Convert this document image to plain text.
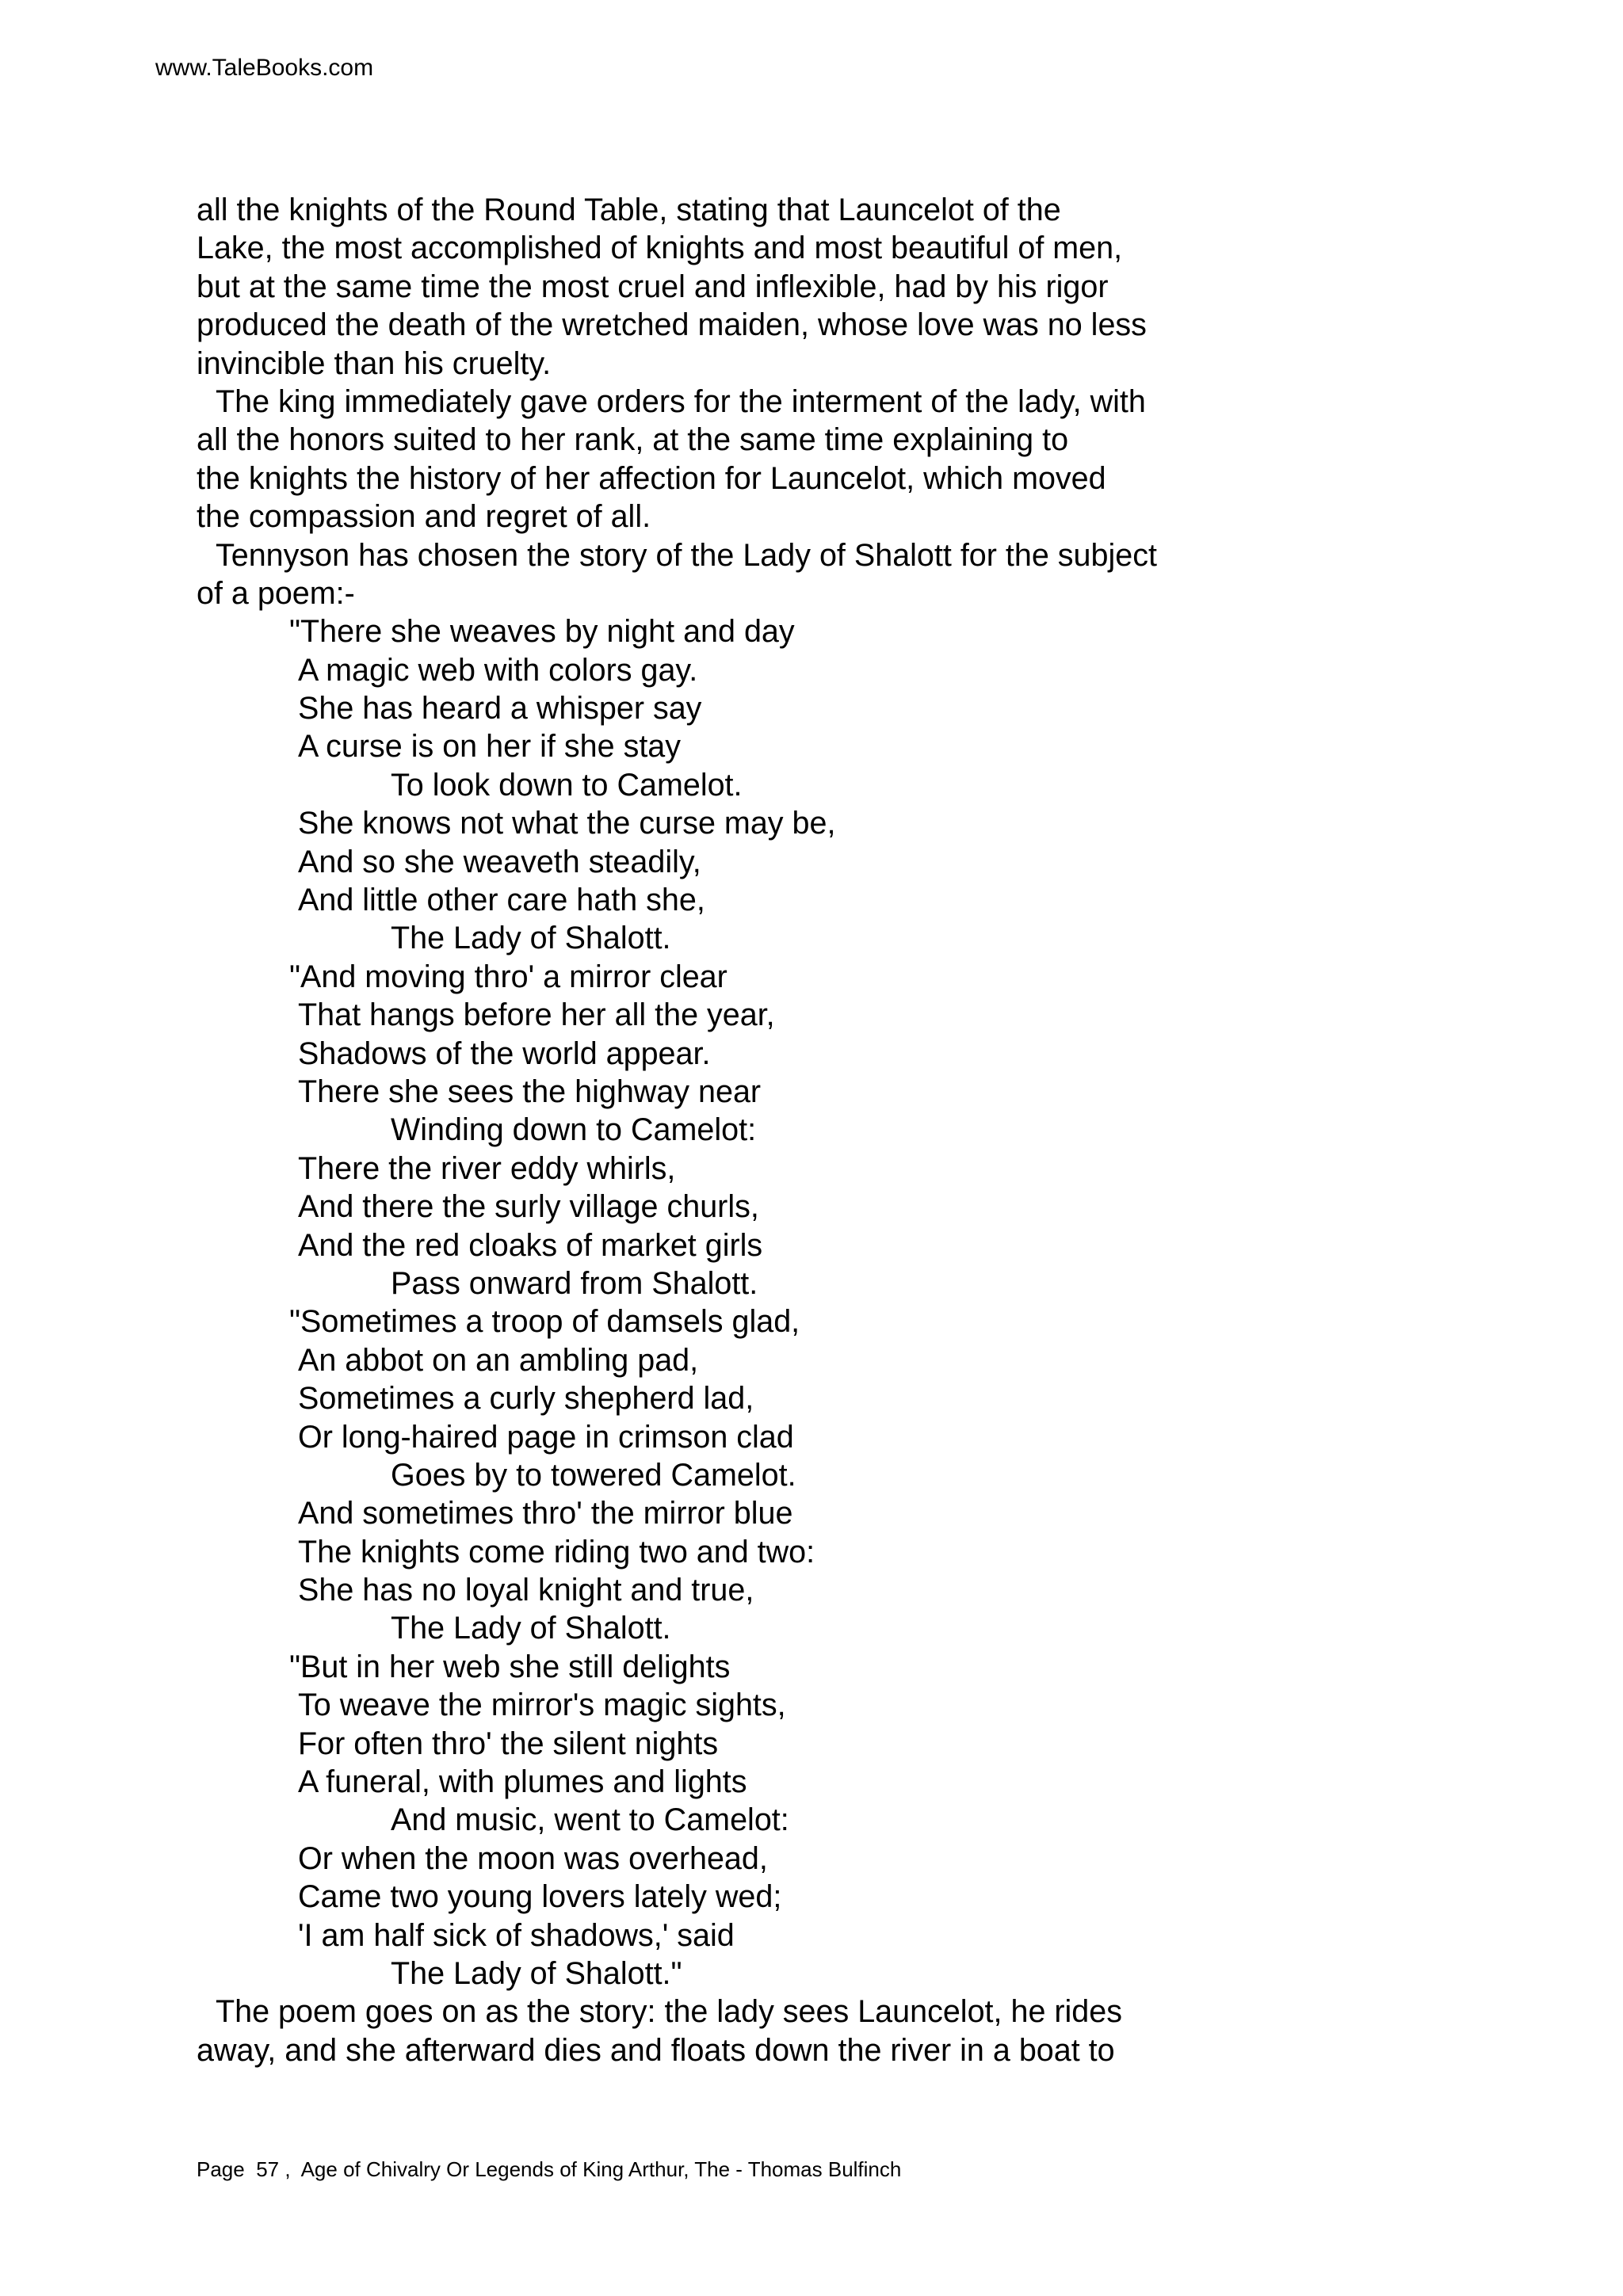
www.TaleBooks.com
all the knights of the Round Table, stating that Launcelot of the
Lake, the most accomplished of knights and most beautiful of men,
but at the same time the most cruel and inflexible, had by his rigor
produced the death of the wretched maiden, whose love was no less
invincible than his cruelty.
The king immediately gave orders for the interment of the lady, with
all the honors suited to her rank, at the same time explaining to
the knights the history of her affection for Launcelot, which moved
the compassion and regret of all.
Tennyson has chosen the story of the Lady of Shalott for the subject
of a poem:-
"There she weaves by night and day
A magic web with colors gay.
She has heard a whisper say
A curse is on her if she stay
To look down to Camelot.
She knows not what the curse may be,
And so she weaveth steadily,
And little other care hath she,
The Lady of Shalott.
"And moving thro' a mirror clear
That hangs before her all the year,
Shadows of the world appear.
There she sees the highway near
Winding down to Camelot:
There the river eddy whirls,
And there the surly village churls,
And the red cloaks of market girls
Pass onward from Shalott.
"Sometimes a troop of damsels glad,
An abbot on an ambling pad,
Sometimes a curly shepherd lad,
Or long-haired page in crimson clad
Goes by to towered Camelot.
And sometimes thro' the mirror blue
The knights come riding two and two:
She has no loyal knight and true,
The Lady of Shalott.
"But in her web she still delights
To weave the mirror's magic sights,
For often thro' the silent nights
A funeral, with plumes and lights
And music, went to Camelot:
Or when the moon was overhead,
Came two young lovers lately wed;
'I am half sick of shadows,' said
The Lady of Shalott."
The poem goes on as the story: the lady sees Launcelot, he rides
away, and she afterward dies and floats down the river in a boat to
Page 57 ,  Age of Chivalry Or Legends of King Arthur, The - Thomas Bulfinch
